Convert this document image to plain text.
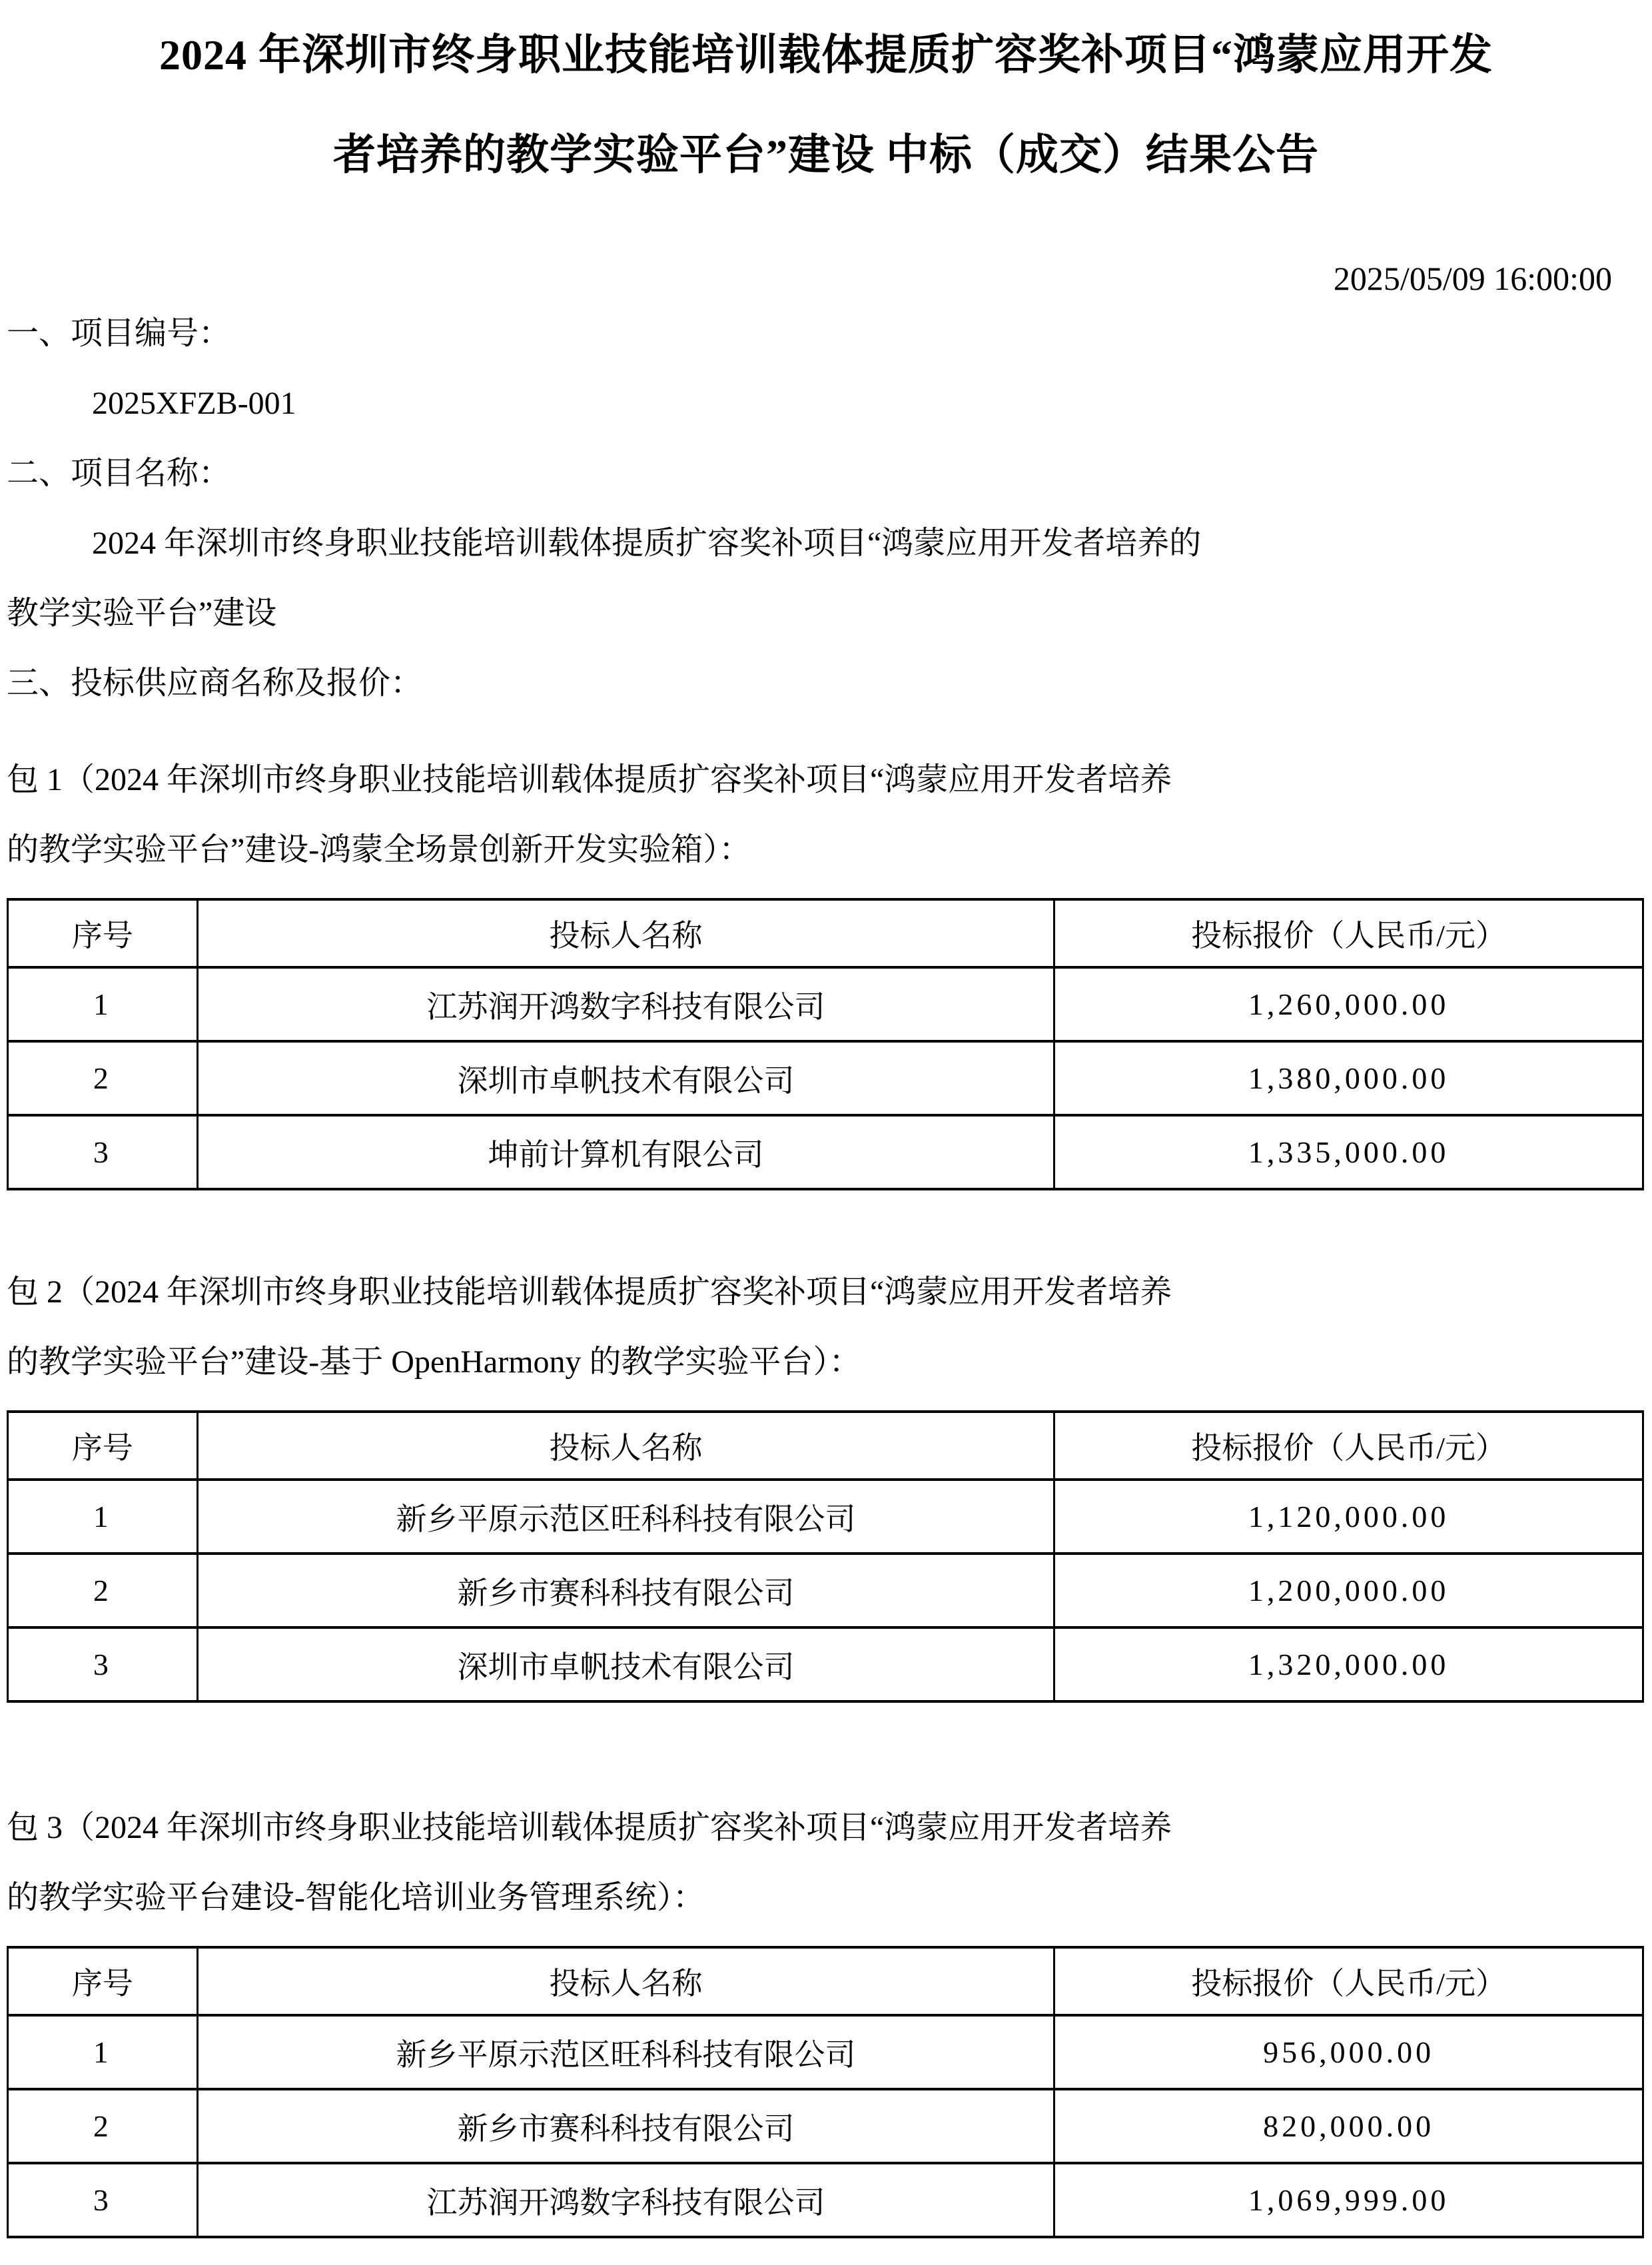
2024 年深圳市终身职业技能培训载体提质扩容奖补项目“鸿蒙应用开发
者培养的教学实验平台”建设 中标（成交）结果公告
2025/05/09 16:00:00

一、项目编号：

2025XFZB-001

二、项目名称：

2024 年深圳市终身职业技能培训载体提质扩容奖补项目“鸿蒙应用开发者培养的

教学实验平台”建设

三、投标供应商名称及报价：

包 1（2024 年深圳市终身职业技能培训载体提质扩容奖补项目“鸿蒙应用开发者培养

的教学实验平台”建设-鸿蒙全场景创新开发实验箱）：

序号	投标人名称	投标报价（人民币/元）
1	江苏润开鸿数字科技有限公司	1,260,000.00
2	深圳市卓帆技术有限公司	1,380,000.00
3	坤前计算机有限公司	1,335,000.00

包 2（2024 年深圳市终身职业技能培训载体提质扩容奖补项目“鸿蒙应用开发者培养

的教学实验平台”建设-基于 OpenHarmony 的教学实验平台）：

序号	投标人名称	投标报价（人民币/元）
1	新乡平原示范区旺科科技有限公司	1,120,000.00
2	新乡市赛科科技有限公司	1,200,000.00
3	深圳市卓帆技术有限公司	1,320,000.00

包 3（2024 年深圳市终身职业技能培训载体提质扩容奖补项目“鸿蒙应用开发者培养

的教学实验平台建设-智能化培训业务管理系统）：

序号	投标人名称	投标报价（人民币/元）
1	新乡平原示范区旺科科技有限公司	956,000.00
2	新乡市赛科科技有限公司	820,000.00
3	江苏润开鸿数字科技有限公司	1,069,999.00
